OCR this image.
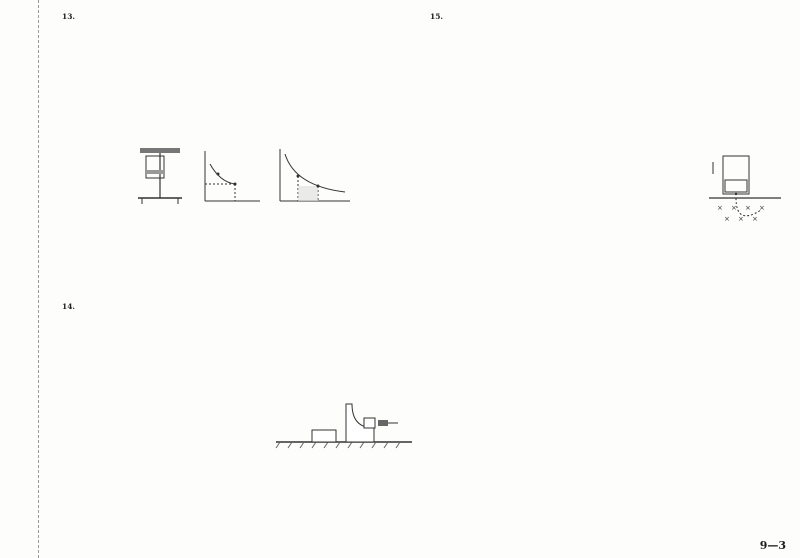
13.

14.

15.

× × × ×
× × ×
9—3
